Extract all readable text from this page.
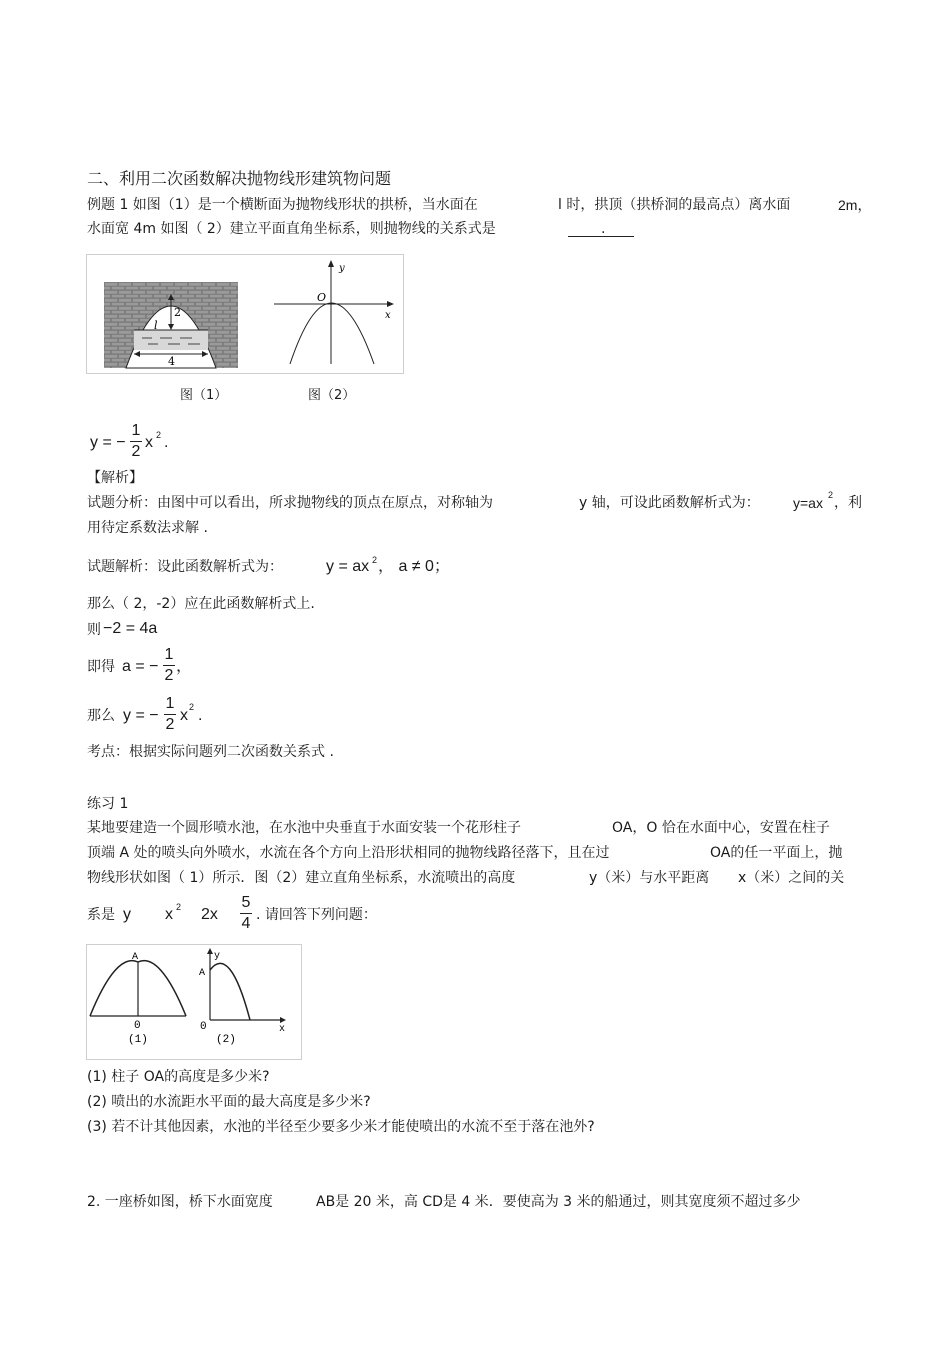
二、利用二次函数解决抛物线形建筑物问题
例题 1 如图（1）是一个横断面为抛物线形状的拱桥，当水面在	l 时，拱顶（拱桥洞的最高点）离水面	2m，
水面宽 4m 如图（ 2）建立平面直角坐标系，则抛物线的关系式是	.
2
l
4
y
x
O
图（1）	图（2）
y = −
1
2
x 2 .
【解析】
试题分析：由图中可以看出，所求抛物线的顶点在原点，对称轴为	y 轴，可设此函数解析式为： y=ax 2 ，利
用待定系数法求解 .
试题解析：设此函数解析式为：	y = ax 2 ， a ≠ 0；
那么（ 2，-2）应在此函数解析式上.
则 −2 = 4a
即得 a = −
1
2
，
那么 y = −
1
2
x 2 .
考点：根据实际问题列二次函数关系式 .
练习 1
某地要建造一个圆形喷水池，在水池中央垂直于水面安装一个花形柱子	OA，O 恰在水面中心，安置在柱子
顶端 A 处的喷头向外喷水，水流在各个方向上沿形状相同的抛物线路径落下，且在过	OA的任一平面上，抛
物线形状如图（ 1）所示．图（2）建立直角坐标系，水流喷出的高度	y（米）与水平距离 x（米）之间的关
系是 y x 2 2x
5
4 . 请回答下列问题：
A
0
(1)
y
A
0	x
(2)
(1) 柱子 OA的高度是多少米?
(2) 喷出的水流距水平面的最大高度是多少米?
(3) 若不计其他因素，水池的半径至少要多少米才能使喷出的水流不至于落在池外?
2. 一座桥如图，桥下水面宽度	AB是 20 米，高 CD是 4 米．要使高为 3 米的船通过，则其宽度须不超过多少
